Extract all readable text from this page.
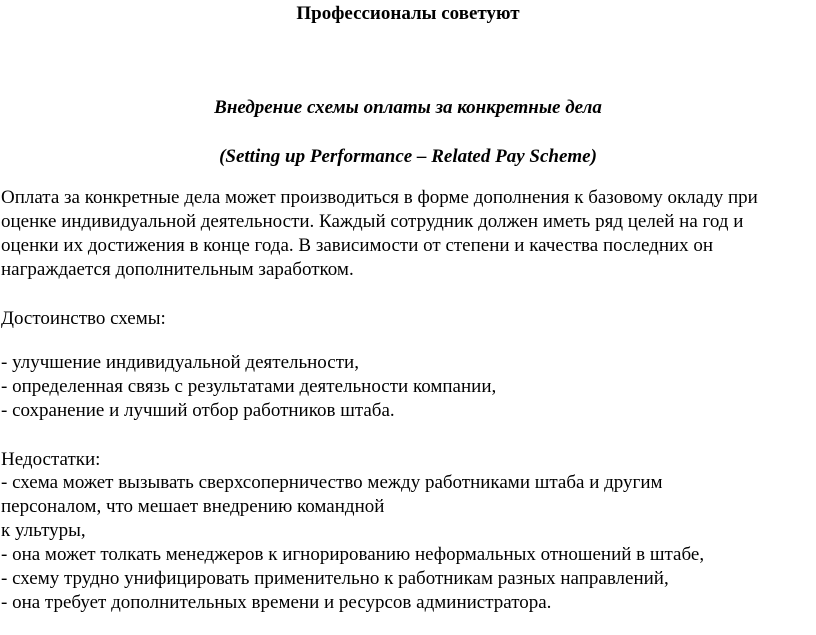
Профессионалы советуют
Внедрение схемы оплаты за конкретные дела
(Setting up Performance – Related Pay Scheme)
Оплата за конкретные дела может производиться в форме дополнения к базовому окладу при
оценке индивидуальной деятельности. Каждый сотрудник должен иметь ряд целей на год и
оценки их достижения в конце года. В зависимости от степени и качества последних он
награждается дополнительным заработком.
Достоинство схемы:
- улучшение индивидуальной деятельности,
- определенная связь с результатами деятельности компании,
- сохранение и лучший отбор работников штаба.
Недостатки:
- схема может вызывать сверхсоперничество между работниками штаба и другим
персоналом, что мешает внедрению командной
к ультуры,
- она может толкать менеджеров к игнорированию неформальных отношений в штабе,
- схему трудно унифицировать применительно к работникам разных направлений,
- она требует дополнительных времени и ресурсов администратора.
